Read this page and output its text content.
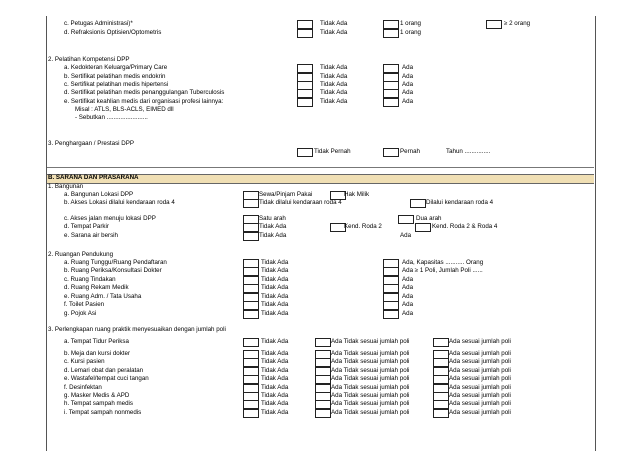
c. Petugas Administrasi)*	Tidak Ada	1 orang	≥ 2 orang
d. Refraksionis Optisien/Optometris	Tidak Ada	1 orang
2. Pelatihan Kompetensi DPP
a. Kedokteran Keluarga/Primary Care	Tidak Ada	Ada
b. Sertifikat pelatihan medis endokrin	Tidak Ada	Ada
c. Sertifikat pelatihan medis hipertensi	Tidak Ada	Ada
d. Sertifikat pelatihan medis penanggulangan Tuberculosis	Tidak Ada	Ada
e. Sertifikat keahlian medis dari organisasi profesi lainnya:	Tidak Ada	Ada
Misal : ATLS, BLS-ACLS, EIMED dll
- Sebutkan ........................
3. Penghargaan / Prestasi DPP
Tidak Pernah	Pernah	Tahun ...............
B. SARANA DAN PRASARANA
1. Bangunan
a. Bangunan Lokasi DPP	Sewa/Pinjam Pakai	Hak Milik
b. Akses Lokasi dilalui kendaraan roda 4	Tidak dilalui kendaraan roda 4	Dilalui kendaraan roda 4
c. Akses jalan menuju lokasi DPP	Satu arah	Dua arah
d. Tempat Parkir	Tidak Ada	Kend. Roda 2	Kend. Roda 2 & Roda 4
e. Sarana air bersih	Tidak Ada	Ada
2. Ruangan Pendukung
a. Ruang Tunggu/Ruang Pendaftaran	Tidak Ada	Ada, Kapasitas ........... Orang
b. Ruang Periksa/Konsultasi Dokter	Tidak Ada	Ada ≥ 1 Poli, Jumlah Poli ......
c. Ruang Tindakan	Tidak Ada	Ada
d. Ruang Rekam Medik	Tidak Ada	Ada
e. Ruang Adm. / Tata Usaha	Tidak Ada	Ada
f. Toilet Pasien	Tidak Ada	Ada
g. Pojok Asi	Tidak Ada	Ada
3. Perlengkapan ruang praktik menyesuaikan dengan jumlah poli
a. Tempat Tidur Periksa	Tidak Ada	Ada Tidak sesuai jumlah poli	Ada sesuai jumlah poli
b. Meja dan kursi dokter	Tidak Ada	Ada Tidak sesuai jumlah poli	Ada sesuai jumlah poli
c. Kursi pasien	Tidak Ada	Ada Tidak sesuai jumlah poli	Ada sesuai jumlah poli
d. Lemari obat dan peralatan	Tidak Ada	Ada Tidak sesuai jumlah poli	Ada sesuai jumlah poli
e. Wastafel/tempat cuci tangan	Tidak Ada	Ada Tidak sesuai jumlah poli	Ada sesuai jumlah poli
f. Desinfektan	Tidak Ada	Ada Tidak sesuai jumlah poli	Ada sesuai jumlah poli
g. Masker Medis & APD	Tidak Ada	Ada Tidak sesuai jumlah poli	Ada sesuai jumlah poli
h. Tempat sampah medis	Tidak Ada	Ada Tidak sesuai jumlah poli	Ada sesuai jumlah poli
i. Tempat sampah nonmedis	Tidak Ada	Ada Tidak sesuai jumlah poli	Ada sesuai jumlah poli
